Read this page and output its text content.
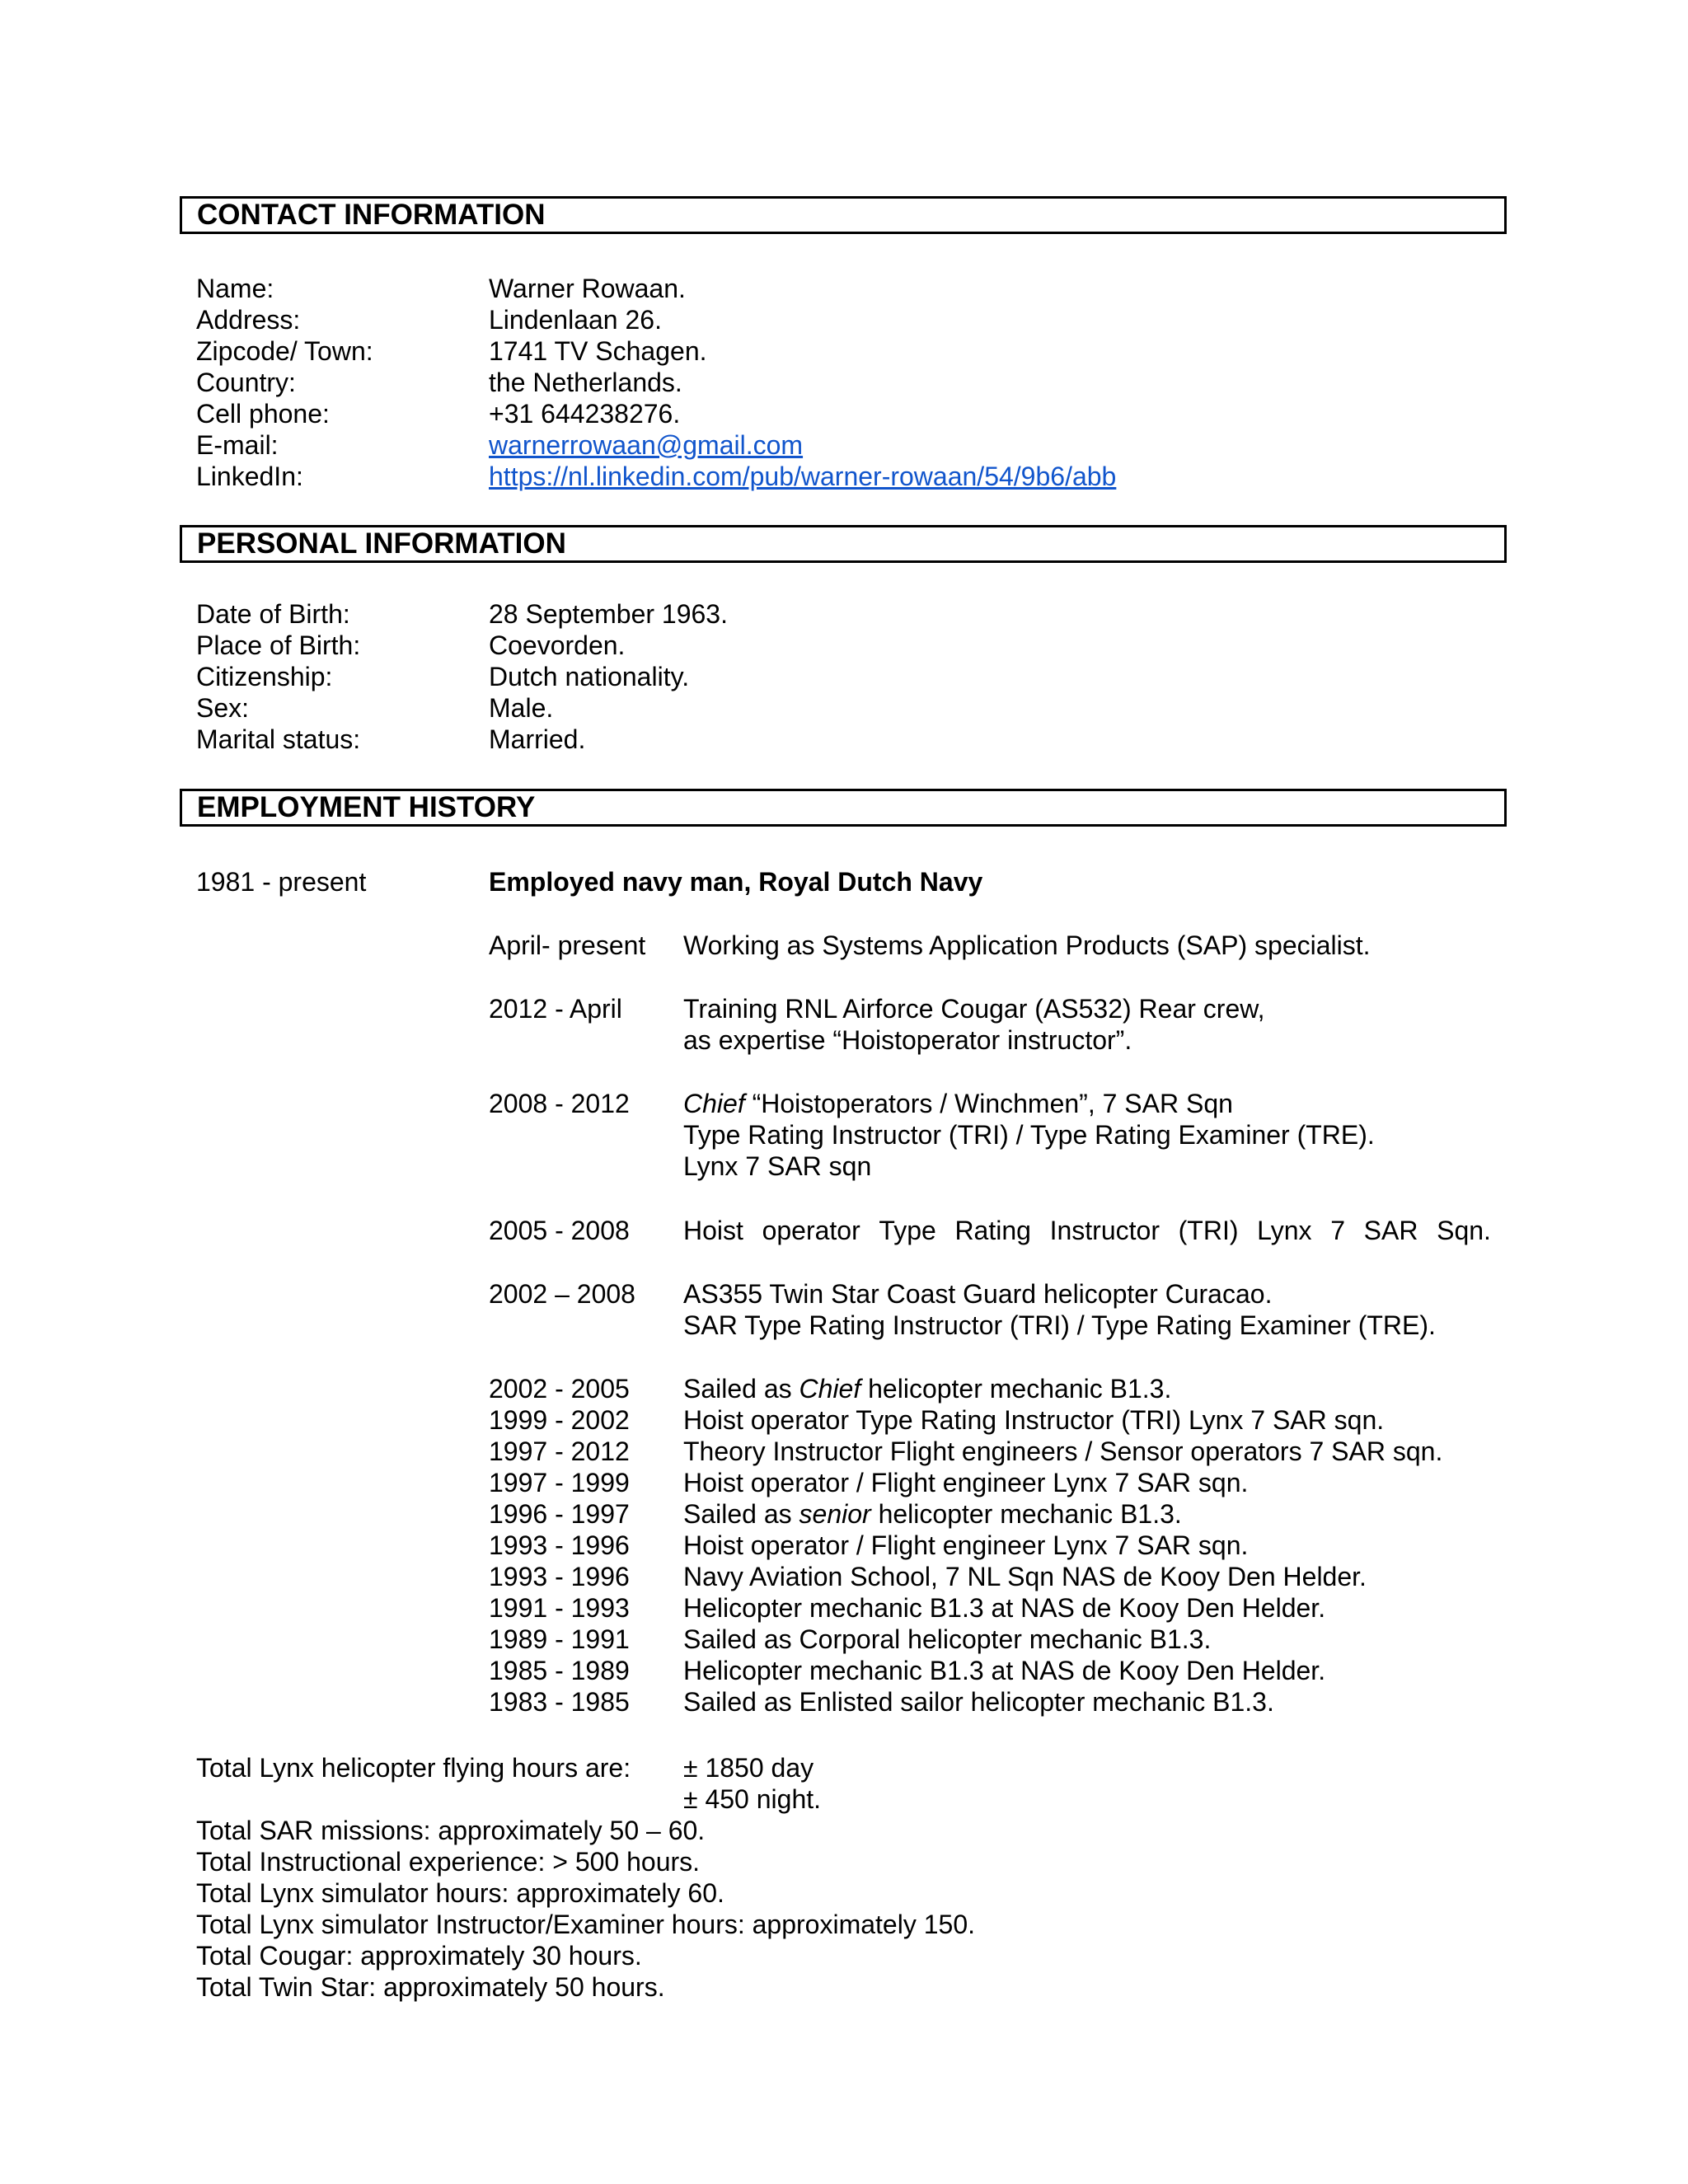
CONTACT INFORMATION
Name:	Warner Rowaan.
Address:	Lindenlaan 26.
Zipcode/ Town:	1741 TV Schagen.
Country:	the Netherlands.
Cell phone:	+31 644238276.
E-mail:	warnerrowaan@gmail.com
LinkedIn:	https://nl.linkedin.com/pub/warner-rowaan/54/9b6/abb
PERSONAL INFORMATION
Date of Birth:	28 September 1963.
Place of Birth:	Coevorden.
Citizenship:	Dutch nationality.
Sex:	Male.
Marital status:	Married.
EMPLOYMENT HISTORY
1981 - present	Employed navy man, Royal Dutch Navy
April- present Working as Systems Application Products (SAP) specialist.
2012 - April Training RNL Airforce Cougar (AS532) Rear crew,
as expertise “Hoistoperator instructor”.
2008 - 2012 Chief “Hoistoperators / Winchmen”, 7 SAR Sqn
Type Rating Instructor (TRI) / Type Rating Examiner (TRE).
Lynx 7 SAR sqn
2005 - 2008 Hoist operator Type Rating Instructor (TRI) Lynx 7 SAR Sqn.
2002 – 2008 AS355 Twin Star Coast Guard helicopter Curacao.
SAR Type Rating Instructor (TRI) / Type Rating Examiner (TRE).
2002 - 2005 Sailed as Chief helicopter mechanic B1.3.
1999 - 2002 Hoist operator Type Rating Instructor (TRI) Lynx 7 SAR sqn.
1997 - 2012 Theory Instructor Flight engineers / Sensor operators 7 SAR sqn.
1997 - 1999 Hoist operator / Flight engineer Lynx 7 SAR sqn.
1996 - 1997 Sailed as senior helicopter mechanic B1.3.
1993 - 1996 Hoist operator / Flight engineer Lynx 7 SAR sqn.
1993 - 1996 Navy Aviation School, 7 NL Sqn NAS de Kooy Den Helder.
1991 - 1993 Helicopter mechanic B1.3 at NAS de Kooy Den Helder.
1989 - 1991 Sailed as Corporal helicopter mechanic B1.3.
1985 - 1989 Helicopter mechanic B1.3 at NAS de Kooy Den Helder.
1983 - 1985 Sailed as Enlisted sailor helicopter mechanic B1.3.
Total Lynx helicopter flying hours are: ± 1850 day
± 450 night.
Total SAR missions: approximately 50 – 60.
Total Instructional experience: > 500 hours.
Total Lynx simulator hours: approximately 60.
Total Lynx simulator Instructor/Examiner hours: approximately 150.
Total Cougar: approximately 30 hours.
Total Twin Star: approximately 50 hours.
